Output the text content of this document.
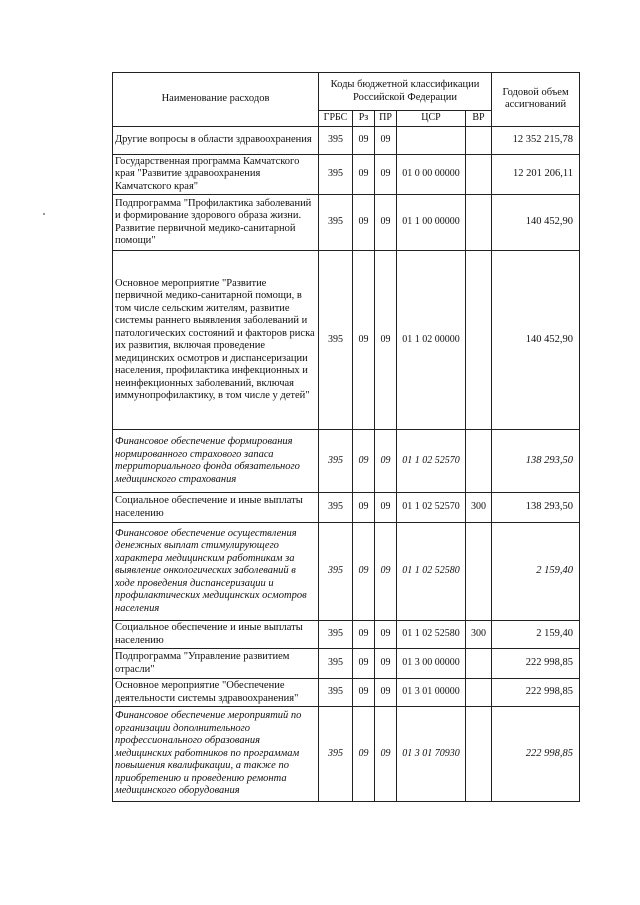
Наименование расходов	Коды бюджетной классификации Российской Федерации					Годовой объем ассигнований
	ГРБС	Рз	ПР	ЦСР	ВР	
Другие вопросы в области здравоохранения	395	09	09			12 352 215,78
Государственная программа Камчатского края "Развитие здравоохранения Камчатского края"	395	09	09	01 0 00 00000		12 201 206,11
Подпрограмма "Профилактика заболеваний и формирование здорового образа жизни. Развитие первичной медико-санитарной помощи"	395	09	09	01 1 00 00000		140 452,90
Основное мероприятие "Развитие первичной медико-санитарной помощи, в том числе сельским жителям, развитие системы раннего выявления заболеваний и патологических состояний и факторов риска их развития, включая проведение медицинских осмотров и диспансеризации населения, профилактика инфекционных и неинфекционных заболеваний, включая иммунопрофилактику, в том числе у детей"	395	09	09	01 1 02 00000		140 452,90
Финансовое обеспечение формирования нормированного страхового запаса территориального фонда обязательного медицинского страхования	395	09	09	01 1 02 52570		138 293,50
Социальное обеспечение и иные выплаты населению	395	09	09	01 1 02 52570	300	138 293,50
Финансовое обеспечение осуществления денежных выплат стимулирующего характера медицинским работникам за выявление онкологических заболеваний в ходе проведения диспансеризации и профилактических медицинских осмотров населения	395	09	09	01 1 02 52580		2 159,40
Социальное обеспечение и иные выплаты населению	395	09	09	01 1 02 52580	300	2 159,40
Подпрограмма "Управление развитием отрасли"	395	09	09	01 3 00 00000		222 998,85
Основное мероприятие "Обеспечение деятельности системы здравоохранения"	395	09	09	01 3 01 00000		222 998,85
Финансовое обеспечение мероприятий по организации дополнительного профессионального образования медицинских работников по программам повышения квалификации, а также по приобретению и проведению ремонта медицинского оборудования	395	09	09	01 3 01 70930		222 998,85
